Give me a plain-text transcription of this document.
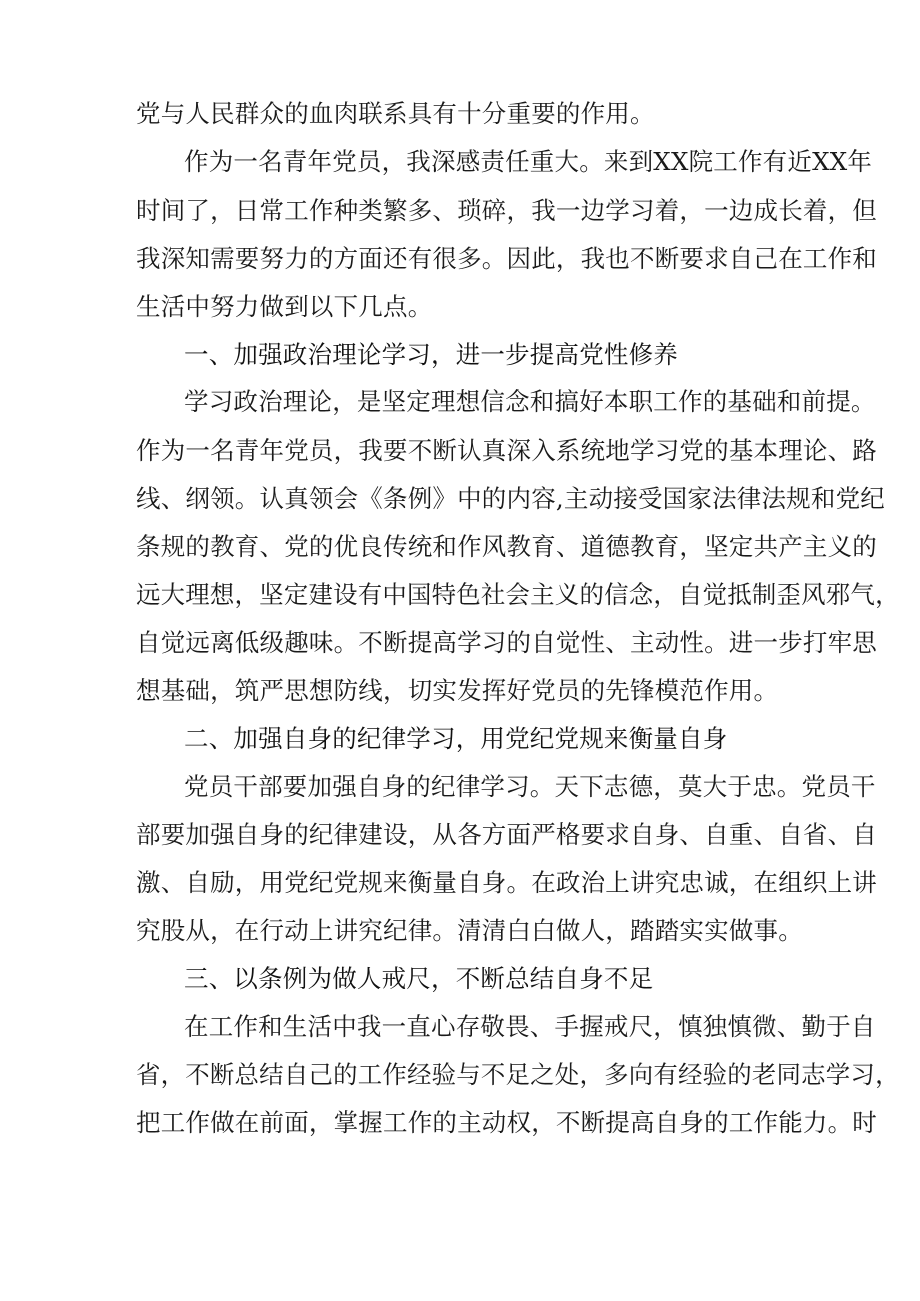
党与人民群众的血肉联系具有十分重要的作用。
作为一名青年党员，我深感责任重大。来到XX院工作有近XX年
时间了，日常工作种类繁多、琐碎，我一边学习着，一边成长着，但
我深知需要努力的方面还有很多。因此，我也不断要求自己在工作和
生活中努力做到以下几点。
一、加强政治理论学习，进一步提高党性修养
学习政治理论，是坚定理想信念和搞好本职工作的基础和前提。
作为一名青年党员，我要不断认真深入系统地学习党的基本理论、路
线、纲领。认真领会《条例》中的内容,主动接受国家法律法规和党纪
条规的教育、党的优良传统和作风教育、道德教育，坚定共产主义的
远大理想，坚定建设有中国特色社会主义的信念，自觉抵制歪风邪气，
自觉远离低级趣味。不断提高学习的自觉性、主动性。进一步打牢思
想基础，筑严思想防线，切实发挥好党员的先锋模范作用。
二、加强自身的纪律学习，用党纪党规来衡量自身
党员干部要加强自身的纪律学习。天下志德，莫大于忠。党员干
部要加强自身的纪律建设，从各方面严格要求自身、自重、自省、自
激、自励，用党纪党规来衡量自身。在政治上讲究忠诚，在组织上讲
究股从，在行动上讲究纪律。清清白白做人，踏踏实实做事。
三、以条例为做人戒尺，不断总结自身不足
在工作和生活中我一直心存敬畏、手握戒尺，慎独慎微、勤于自
省，不断总结自己的工作经验与不足之处，多向有经验的老同志学习，
把工作做在前面，掌握工作的主动权，不断提高自身的工作能力。时
